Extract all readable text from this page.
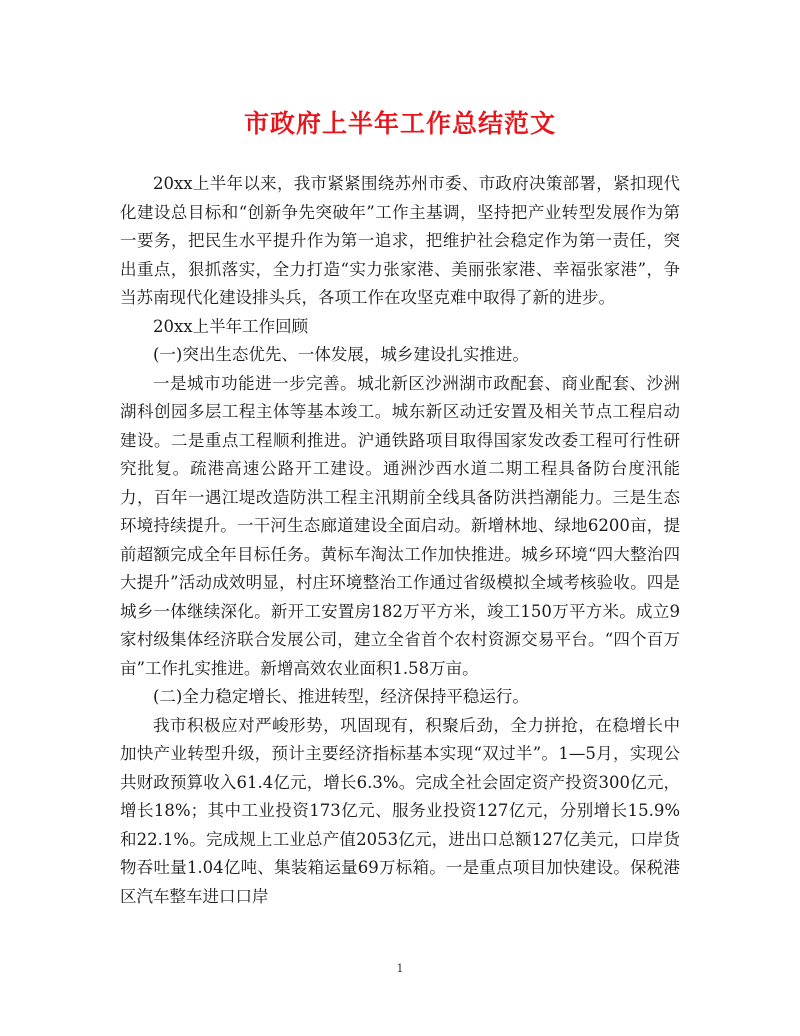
市政府上半年工作总结范文

20xx上半年以来，我市紧紧围绕苏州市委、市政府决策部署，紧扣现代化建设总目标和“创新争先突破年”工作主基调，坚持把产业转型发展作为第一要务，把民生水平提升作为第一追求，把维护社会稳定作为第一责任，突出重点，狠抓落实，全力打造“实力张家港、美丽张家港、幸福张家港”，争当苏南现代化建设排头兵，各项工作在攻坚克难中取得了新的进步。

20xx上半年工作回顾

(一)突出生态优先、一体发展，城乡建设扎实推进。

一是城市功能进一步完善。城北新区沙洲湖市政配套、商业配套、沙洲湖科创园多层工程主体等基本竣工。城东新区动迁安置及相关节点工程启动建设。二是重点工程顺利推进。沪通铁路项目取得国家发改委工程可行性研究批复。疏港高速公路开工建设。通洲沙西水道二期工程具备防台度汛能力，百年一遇江堤改造防洪工程主汛期前全线具备防洪挡潮能力。三是生态环境持续提升。一干河生态廊道建设全面启动。新增林地、绿地6200亩，提前超额完成全年目标任务。黄标车淘汰工作加快推进。城乡环境“四大整治四大提升”活动成效明显，村庄环境整治工作通过省级模拟全域考核验收。四是城乡一体继续深化。新开工安置房182万平方米，竣工150万平方米。成立9家村级集体经济联合发展公司，建立全省首个农村资源交易平台。“四个百万亩”工作扎实推进。新增高效农业面积1.58万亩。

(二)全力稳定增长、推进转型，经济保持平稳运行。

我市积极应对严峻形势，巩固现有，积聚后劲，全力拼抢，在稳增长中加快产业转型升级，预计主要经济指标基本实现“双过半”。1—5月，实现公共财政预算收入61.4亿元，增长6.3%。完成全社会固定资产投资300亿元，增长18%；其中工业投资173亿元、服务业投资127亿元，分别增长15.9%和22.1%。完成规上工业总产值2053亿元，进出口总额127亿美元，口岸货物吞吐量1.04亿吨、集装箱运量69万标箱。一是重点项目加快建设。保税港区汽车整车进口口岸

1
